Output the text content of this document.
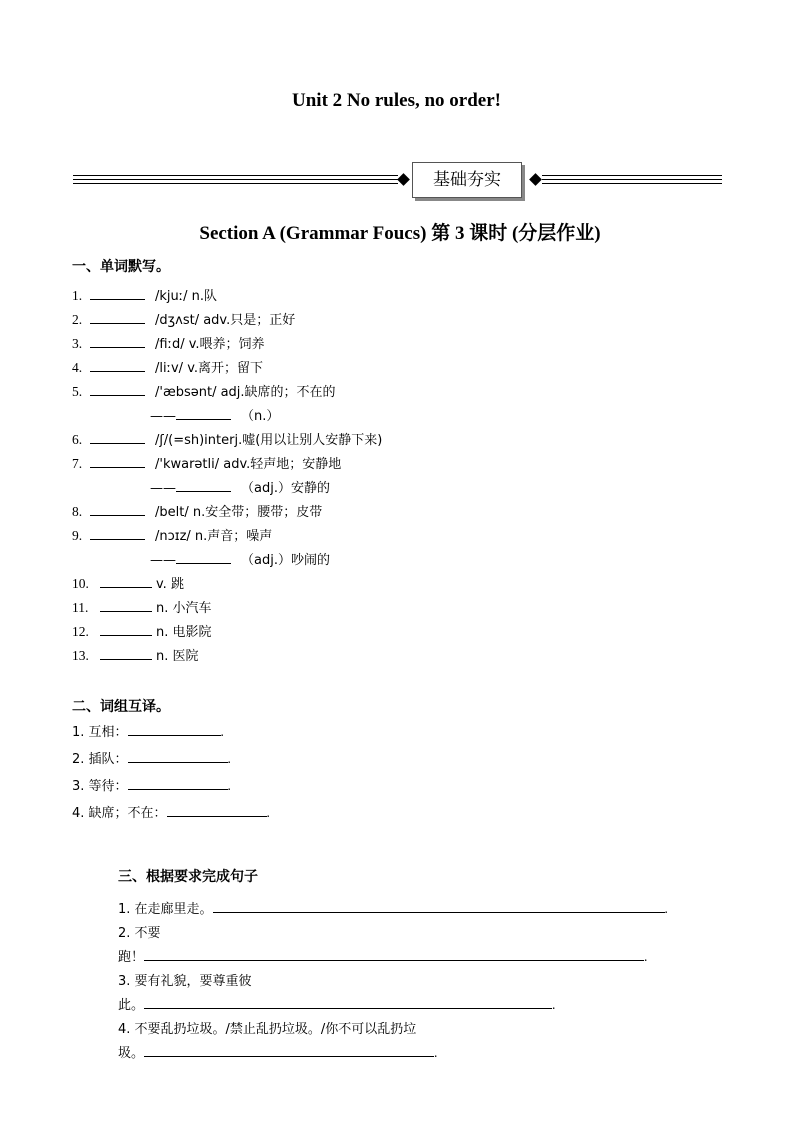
Unit 2 No rules, no order!
基础夯实
Section A (Grammar Foucs) 第 3 课时 (分层作业)
一、单词默写。
1.	/kjuː/ n.队
2.	/dʒʌst/ adv.只是；正好
3.	/fiːd/ v.喂养；饲养
4.	/liːv/ v.离开；留下
5.	/'æbsənt/ adj.缺席的；不在的
——	（n.）
6.	/ʃ/(=sh)interj.嘘(用以让别人安静下来)
7.	/'kwarətli/ adv.轻声地；安静地
——	（adj.）安静的
8.	/belt/ n.安全带；腰带；皮带
9.	/nɔɪz/ n.声音；噪声
——	（adj.）吵闹的
10.	v. 跳
11.	n. 小汽车
12.	n. 电影院
13.	n. 医院
二、词组互译。
1. 互相：	.
2. 插队：	.
3. 等待：	.
4. 缺席；不在：	.
三、根据要求完成句子
1. 在走廊里走。	.
2. 不要
跑！	.
3. 要有礼貌，要尊重彼
此。	.
4. 不要乱扔垃圾。/禁止乱扔垃圾。/你不可以乱扔垃
圾。	.
